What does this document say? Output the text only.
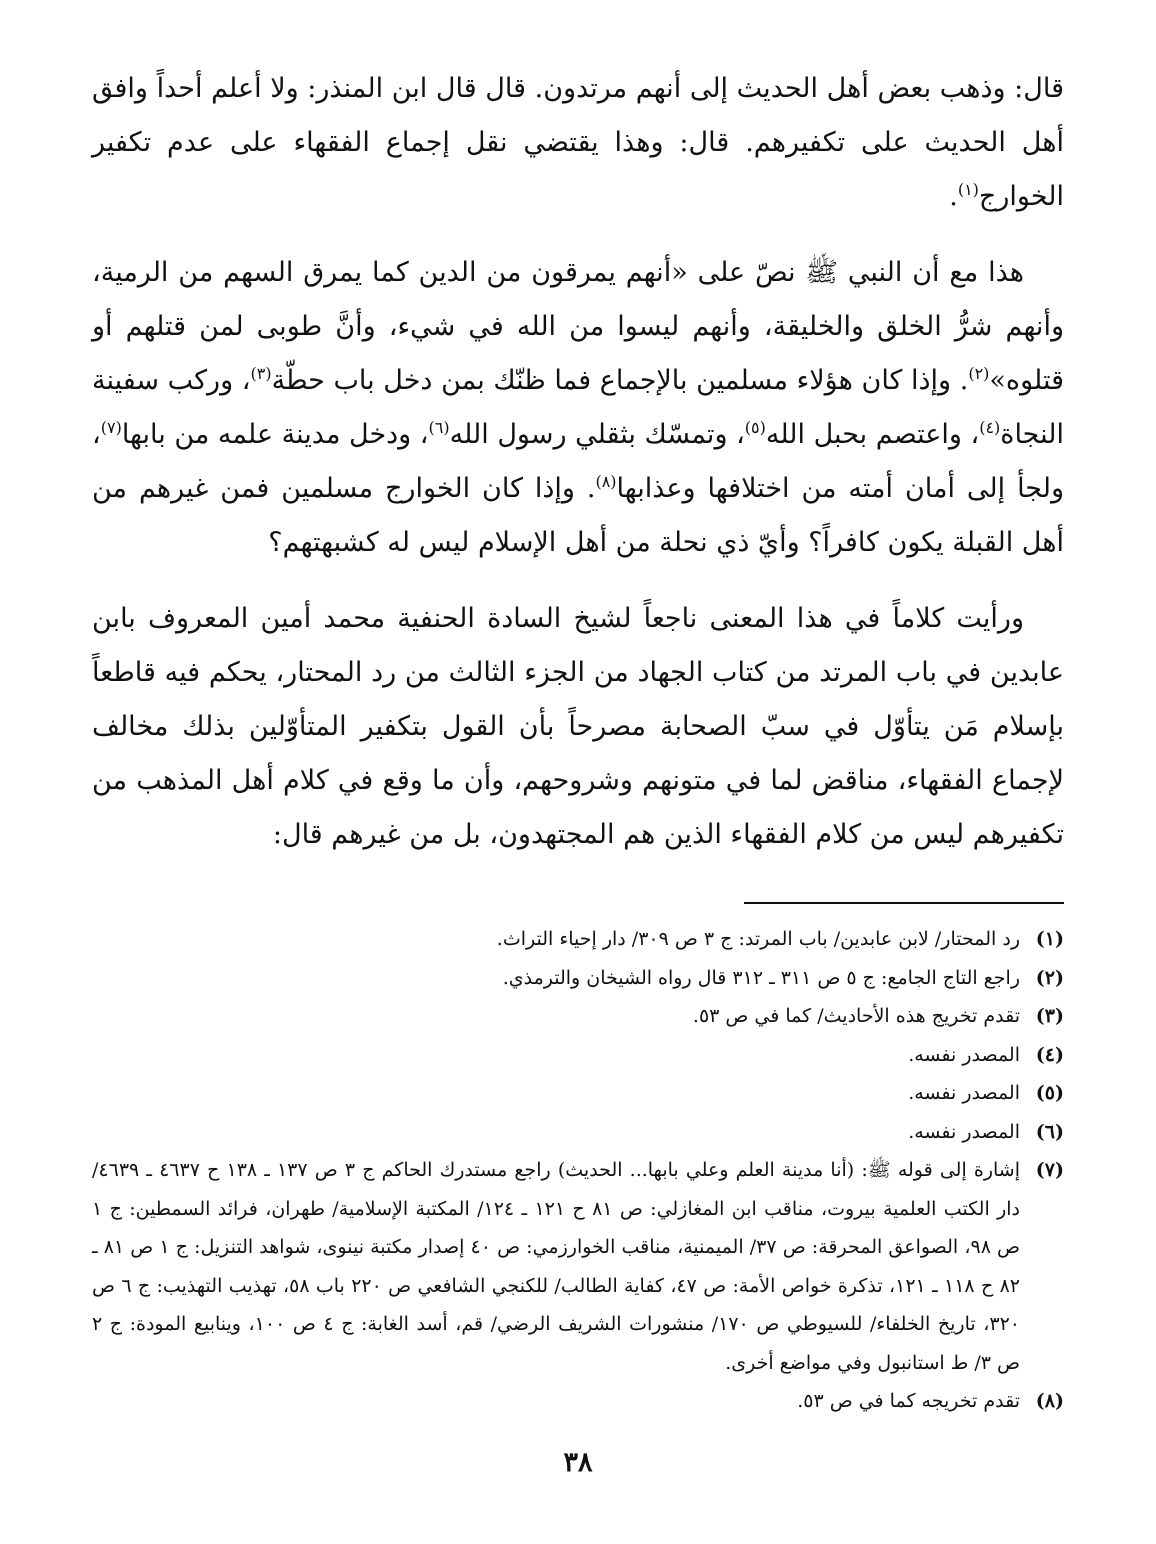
قال: وذهب بعض أهل الحديث إلى أنهم مرتدون. قال قال ابن المنذر: ولا أعلم أحداً وافق أهل الحديث على تكفيرهم. قال: وهذا يقتضي نقل إجماع الفقهاء على عدم تكفير الخوارج$^{(١)}$.

هذا مع أن النبي ﷺ نصّ على «أنهم يمرقون من الدين كما يمرق السهم من الرمية، وأنهم شرُّ الخلق والخليقة، وأنهم ليسوا من الله في شيء، وأنَّ طوبى لمن قتلهم أو قتلوه»$^{(٢)}$. وإذا كان هؤلاء مسلمين بالإجماع فما ظنّك بمن دخل باب حطّة$^{(٣)}$، وركب سفينة النجاة$^{(٤)}$، واعتصم بحبل الله$^{(٥)}$، وتمسّك بثقلي رسول الله$^{(٦)}$، ودخل مدينة علمه من بابها$^{(٧)}$، ولجأ إلى أمان أمته من اختلافها وعذابها$^{(٨)}$. وإذا كان الخوارج مسلمين فمن غيرهم من أهل القبلة يكون كافراً؟ وأيّ ذي نحلة من أهل الإسلام ليس له كشبهتهم؟

ورأيت كلاماً في هذا المعنى ناجعاً لشيخ السادة الحنفية محمد أمين المعروف بابن عابدين في باب المرتد من كتاب الجهاد من الجزء الثالث من رد المحتار، يحكم فيه قاطعاً بإسلام مَن يتأوّل في سبّ الصحابة مصرحاً بأن القول بتكفير المتأوّلين بذلك مخالف لإجماع الفقهاء، مناقض لما في متونهم وشروحهم، وأن ما وقع في كلام أهل المذهب من تكفيرهم ليس من كلام الفقهاء الذين هم المجتهدون، بل من غيرهم قال:

(١)
رد المحتار/ لابن عابدين/ باب المرتد: ج ٣ ص ٣٠٩/ دار إحياء التراث.
(٢)
راجع التاج الجامع: ج ٥ ص ٣١١ ـ ٣١٢ قال رواه الشيخان والترمذي.
(٣)
تقدم تخريج هذه الأحاديث/ كما في ص ٥٣.
(٤)
المصدر نفسه.
(٥)
المصدر نفسه.
(٦)
المصدر نفسه.
(٧)
إشارة إلى قوله ﷺ: (أنا مدينة العلم وعلي بابها... الحديث) راجع مستدرك الحاكم ج ٣ ص ١٣٧ ـ ١٣٨ ح ٤٦٣٧ ـ ٤٦٣٩/ دار الكتب العلمية بيروت، مناقب ابن المغازلي: ص ٨١ ح ١٢١ ـ ١٢٤/ المكتبة الإسلامية/ طهران، فرائد السمطين: ج ١ ص ٩٨، الصواعق المحرقة: ص ٣٧/ الميمنية، مناقب الخوارزمي: ص ٤٠ إصدار مكتبة نينوى، شواهد التنزيل: ج ١ ص ٨١ ـ ٨٢ ح ١١٨ ـ ١٢١، تذكرة خواص الأمة: ص ٤٧، كفاية الطالب/ للكنجي الشافعي ص ٢٢٠ باب ٥٨، تهذيب التهذيب: ج ٦ ص ٣٢٠، تاريخ الخلفاء/ للسيوطي ص ١٧٠/ منشورات الشريف الرضي/ قم، أسد الغابة: ج ٤ ص ١٠٠، وينابيع المودة: ج ٢ ص ٣/ ط استانبول وفي مواضع أخرى.
(٨)
تقدم تخريجه كما في ص ٥٣.
٣٨
